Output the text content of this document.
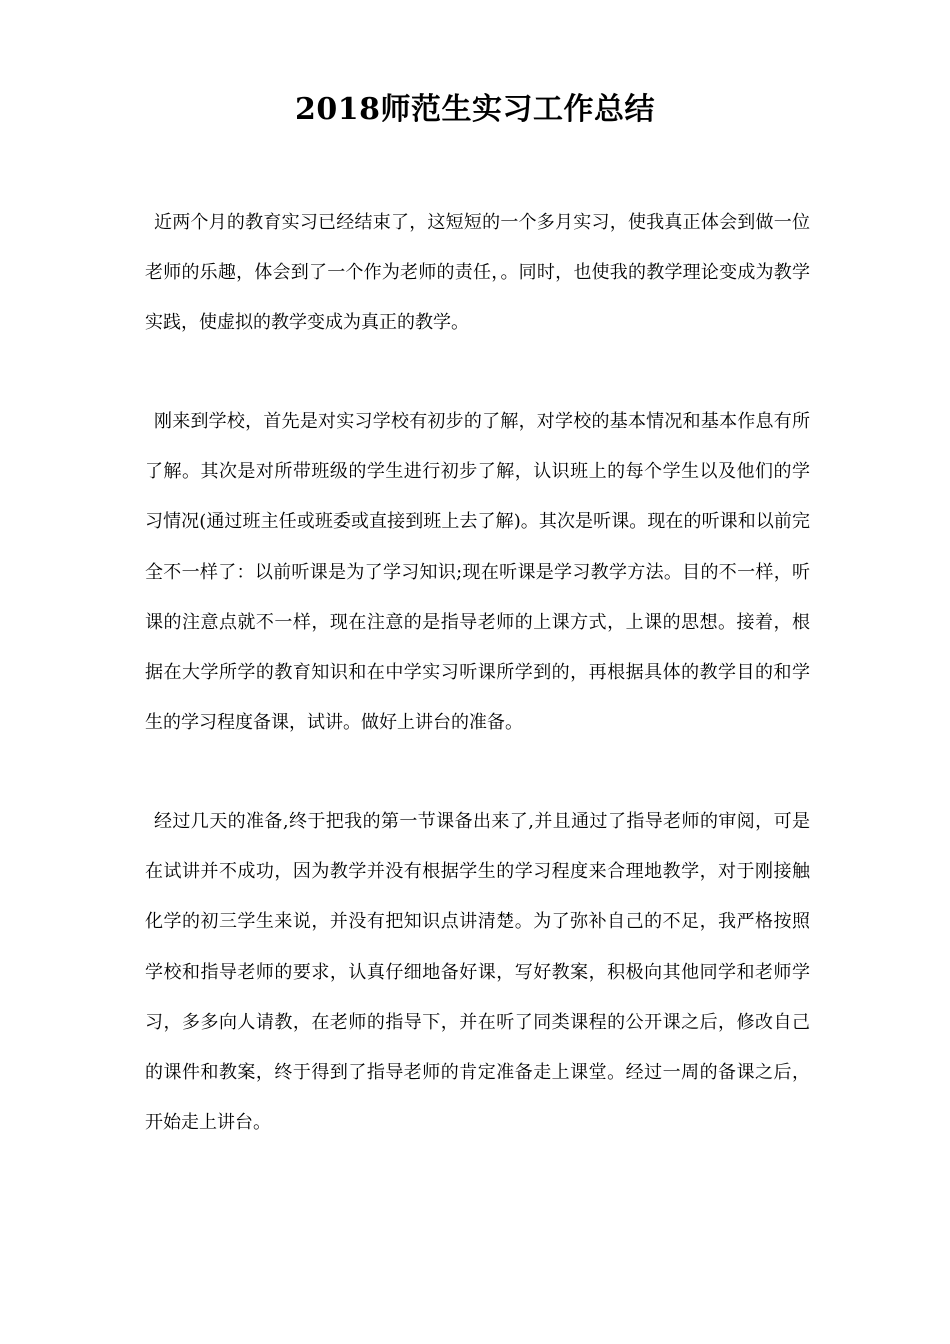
2018师范生实习工作总结

近两个月的教育实习已经结束了，这短短的一个多月实习，使我真正体会到做一位老师的乐趣，体会到了一个作为老师的责任，。同时，也使我的教学理论变成为教学实践，使虚拟的教学变成为真正的教学。

刚来到学校，首先是对实习学校有初步的了解，对学校的基本情况和基本作息有所了解。其次是对所带班级的学生进行初步了解，认识班上的每个学生以及他们的学习情况(通过班主任或班委或直接到班上去了解)。其次是听课。现在的听课和以前完全不一样了：以前听课是为了学习知识;现在听课是学习教学方法。目的不一样，听课的注意点就不一样，现在注意的是指导老师的上课方式，上课的思想。接着，根据在大学所学的教育知识和在中学实习听课所学到的，再根据具体的教学目的和学生的学习程度备课，试讲。做好上讲台的准备。

经过几天的准备,终于把我的第一节课备出来了,并且通过了指导老师的审阅，可是在试讲并不成功，因为教学并没有根据学生的学习程度来合理地教学，对于刚接触化学的初三学生来说，并没有把知识点讲清楚。为了弥补自己的不足，我严格按照学校和指导老师的要求，认真仔细地备好课，写好教案，积极向其他同学和老师学习，多多向人请教，在老师的指导下，并在听了同类课程的公开课之后，修改自己的课件和教案，终于得到了指导老师的肯定准备走上课堂。经过一周的备课之后，开始走上讲台。
